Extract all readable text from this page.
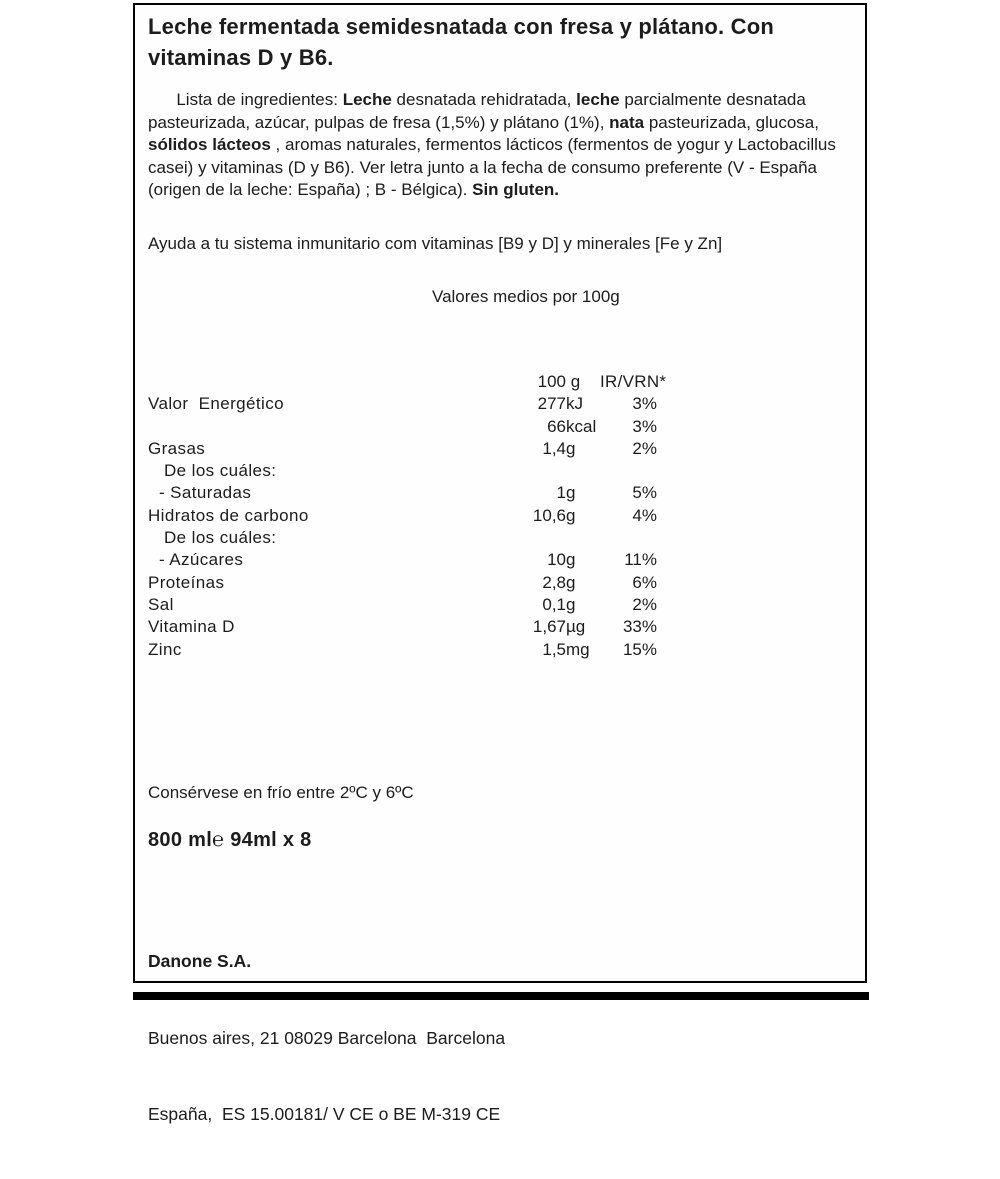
Leche fermentada semidesnatada con fresa y plátano. Con vitaminas D y B6.

Lista de ingredientes: Leche desnatada rehidratada, leche parcialmente desnatada pasteurizada, azúcar, pulpas de fresa (1,5%) y plátano (1%), nata pasteurizada, glucosa, sólidos lácteos , aromas naturales, fermentos lácticos (fermentos de yogur y Lactobacillus casei) y vitaminas (D y B6). Ver letra junto a la fecha de consumo preferente (V - España (origen de la leche: España) ; B - Bélgica). Sin gluten.

Ayuda a tu sistema inmunitario com vitaminas [B9 y D] y minerales [Fe y Zn]
Valores medios por 100g
100 g	IR/VRN*
Valor  Energético	277 kJ	3%
66 kcal	3%
Grasas	1,4 g	2%
De los cuáles:
- Saturadas	1 g	5%
Hidratos de carbono	10,6 g	4%
De los cuáles:
- Azúcares	10 g	11%
Proteínas	2,8 g	6%
Sal	0,1 g	2%
Vitamina D	1,67 µg	33%
Zinc	1,5 mg	15%
Consérvese en frío entre 2ºC y 6ºC
800 ml℮ 94ml x 8

Danone S.A.

Buenos aires, 21 08029 Barcelona  Barcelona

España,  ES 15.00181/ V CE o BE M-319 CE
